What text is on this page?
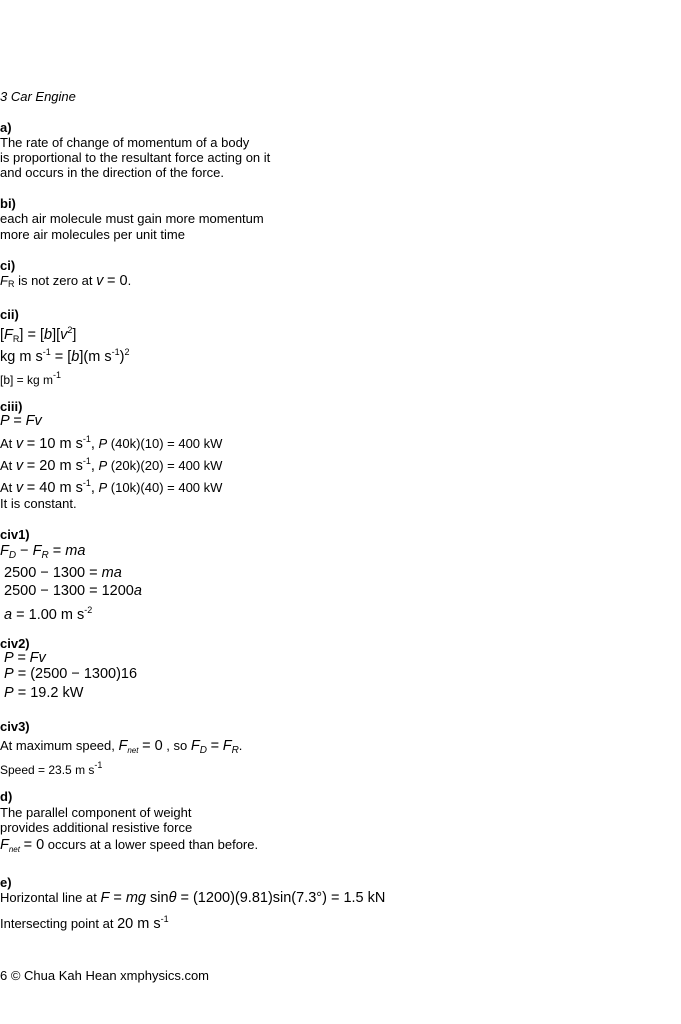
3 Car Engine
a)
The rate of change of momentum of a body
is proportional to the resultant force acting on it
and occurs in the direction of the force.
bi)
each air molecule must gain more momentum
more air molecules per unit time
ci)
FR is not zero at v = 0.
cii)
$[F_R] = [b][v^2]$
kg m $s^{-1} = [b](m$ $s^{-1})^2$
[b] = kg $m^{-1}$
ciii)
P = Fv
At v = 10 m $s^{-1}$, P (40k)(10) = 400 kW
At v = 20 m $s^{-1}$, P (20k)(20) = 400 kW
At v = 40 m $s^{-1}$, P (10k)(40) = 400 kW
It is constant.
civ1)
$F_D - F_R$ = ma
2500 − 1300 = ma
2500 − 1300 = 1200a
a = 1.00 m $s^{-2}$
civ2)
P = Fv
P = (2500 − 1300)16
P = 19.2 kW
civ3)
At maximum speed, $F_{net} = 0$ , so $F_D = F_R$.
Speed = 23.5 m $s^{-1}$
d)
The parallel component of weight
provides additional resistive force
$F_{net} = 0$ occurs at a lower speed than before.
e)
Horizontal line at F = mg sinθ = (1200)(9.81)sin(7.3°) = 1.5 kN
Intersecting point at 20 m $s^{-1}$
6 © Chua Kah Hean xmphysics.com
